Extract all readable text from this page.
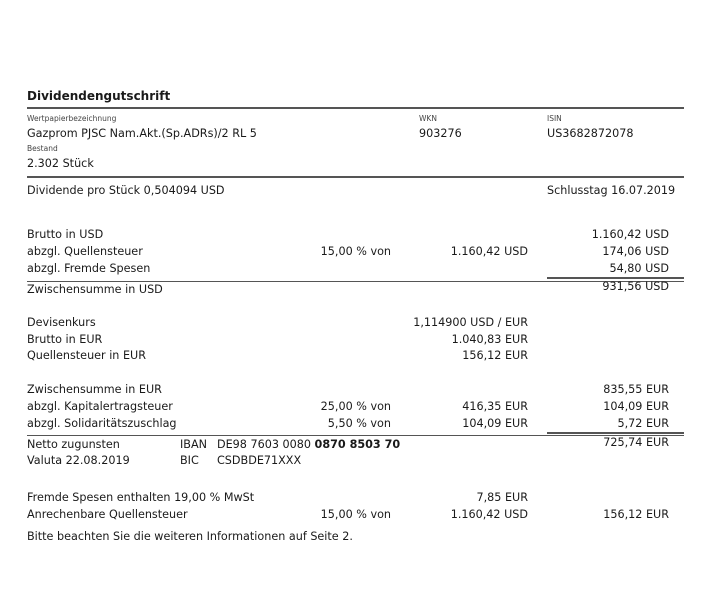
Dividendengutschrift
Wertpapierbezeichnung	WKN	ISIN
Gazprom PJSC Nam.Akt.(Sp.ADRs)/2 RL 5	903276	US3682872078
Bestand
2.302 Stück
Dividende pro Stück 0,504094 USD	Schlusstag 16.07.2019
Brutto in USD	1.160,42 USD
abzgl. Quellensteuer	15,00 % von	1.160,42 USD	174,06 USD
abzgl. Fremde Spesen	54,80 USD
Zwischensumme in USD	931,56 USD
Devisenkurs	1,114900 USD / EUR
Brutto in EUR	1.040,83 EUR
Quellensteuer in EUR	156,12 EUR
Zwischensumme in EUR	835,55 EUR
abzgl. Kapitalertragsteuer	25,00 % von	416,35 EUR	104,09 EUR
abzgl. Solidaritätszuschlag	5,50 % von	104,09 EUR	5,72 EUR
Netto zugunsten	IBAN DE98 7603 0080 0870 8503 70	725,74 EUR
Valuta 22.08.2019	BIC CSDBDE71XXX
Fremde Spesen enthalten 19,00 % MwSt	7,85 EUR
Anrechenbare Quellensteuer	15,00 % von	1.160,42 USD	156,12 EUR
Bitte beachten Sie die weiteren Informationen auf Seite 2.
